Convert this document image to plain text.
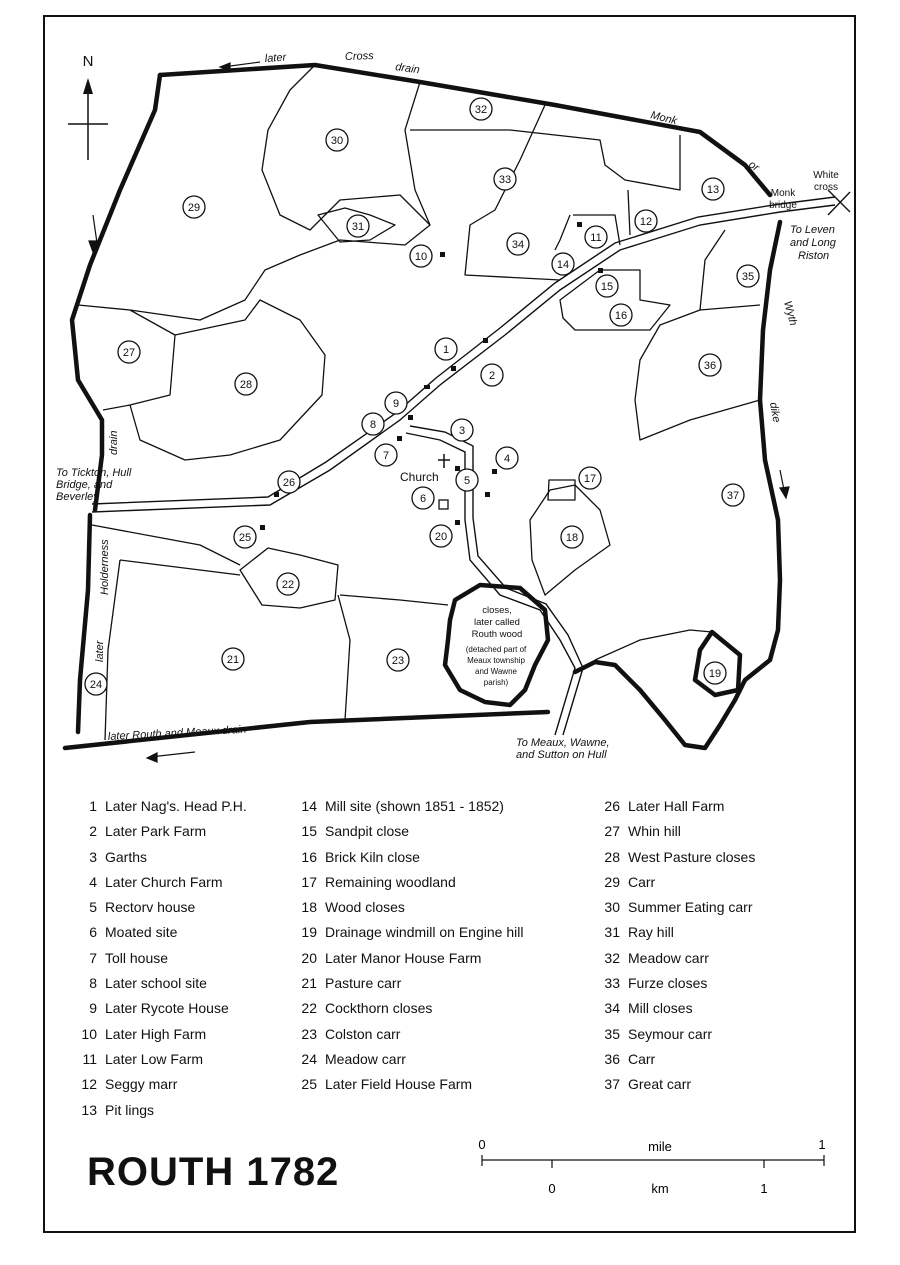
N
1
2
3
4
5
6
7
8
9
10
11
12
13
14
15
16
17
18
19
20
21
22
23
24
25
26
27
28
29
30
31
32
33
34
35
36
37
later	Cross
drain
Monk
or
White
cross
Monk
bridge
To Leven
and Long
Riston
Wyth
dike
drain
To Tickton, Hull
Bridge, and
Beverley
Holderness
later
Church
closes,
later called
Routh wood
(detached part of
Meaux township
and Wawne
parish)
later Routh and Meaux drain
To Meaux, Wawne,
and Sutton on Hull
1 Later Nag's. Head P.H.
2 Later Park Farm
3 Garths
4 Later Church Farm
5 Rectorv house
6 Moated site
7 Toll house
8 Later school site
9 Later Rycote House
10 Later High Farm
11 Later Low Farm
12 Seggy marr
13 Pit lings
14 Mill site (shown 1851 - 1852)
15 Sandpit close
16 Brick Kiln close
17 Remaining woodland
18 Wood closes
19 Drainage windmill on Engine hill
20 Later Manor House Farm
21 Pasture carr
22 Cockthorn closes
23 Colston carr
24 Meadow carr
25 Later Field House Farm
26 Later Hall Farm
27 Whin hill
28 West Pasture closes
29 Carr
30 Summer Eating carr
31 Ray hill
32 Meadow carr
33 Furze closes
34 Mill closes
35 Seymour carr
36 Carr
37 Great carr
ROUTH 1782
0	mile	1
0	km	1
